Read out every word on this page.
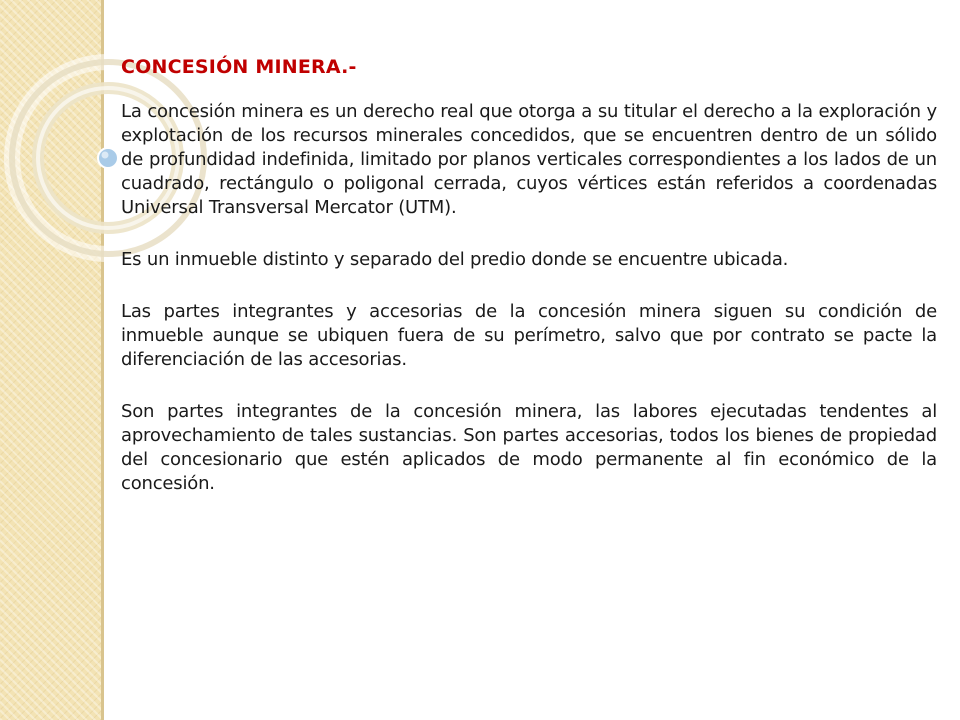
CONCESIÓN MINERA.-

La concesión minera es un derecho real que otorga a su titular el derecho a la exploración y explotación de los recursos minerales concedidos, que se encuentren dentro de un sólido de profundidad indefinida, limitado por planos verticales correspondientes a los lados de un cuadrado, rectángulo o poligonal cerrada, cuyos vértices están referidos a coordenadas Universal Transversal Mercator (UTM).

Es un inmueble distinto y separado del predio donde se encuentre ubicada.

Las partes integrantes y accesorias de la concesión minera siguen su condición de inmueble aunque se ubiquen fuera de su perímetro, salvo que por contrato se pacte la diferenciación de las accesorias.

Son partes integrantes de la concesión minera, las labores ejecutadas tendentes al aprovechamiento de tales sustancias. Son partes accesorias, todos los bienes de propiedad del concesionario que estén aplicados de modo permanente al fin económico de la concesión.
